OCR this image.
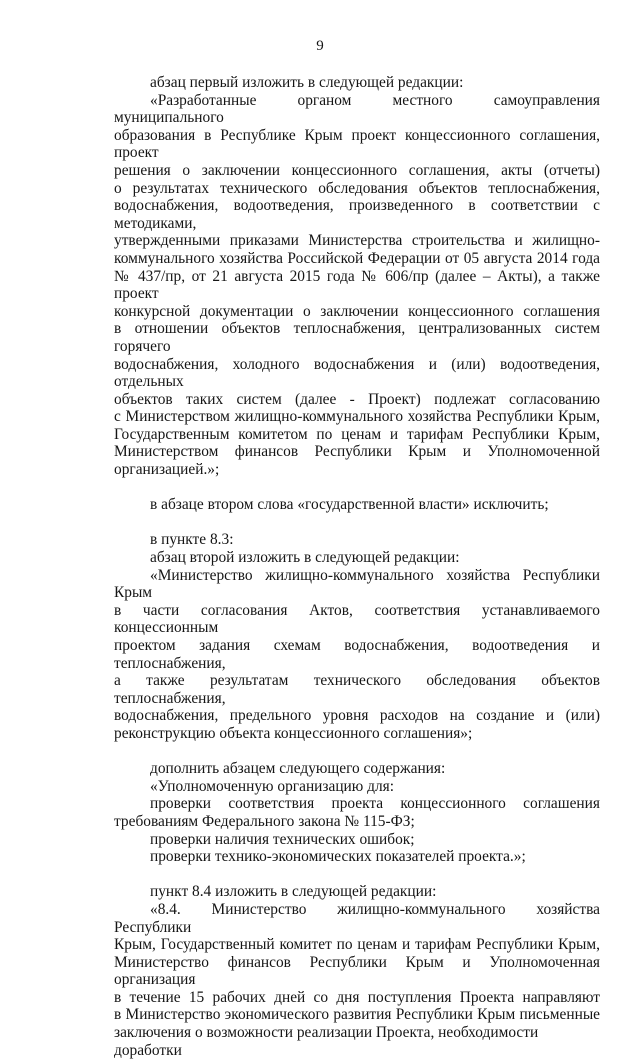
9
абзац первый изложить в следующей редакции:
«Разработанные органом местного самоуправления муниципального
образования в Республике Крым проект концессионного соглашения, проект
решения о заключении концессионного соглашения, акты (отчеты)
о результатах технического обследования объектов теплоснабжения,
водоснабжения, водоотведения, произведенного в соответствии с методиками,
утвержденными приказами Министерства строительства и жилищно-
коммунального хозяйства Российской Федерации от 05 августа 2014 года
№ 437/пр, от 21 августа 2015 года № 606/пр (далее – Акты), а также проект
конкурсной документации о заключении концессионного соглашения
в отношении объектов теплоснабжения, централизованных систем горячего
водоснабжения, холодного водоснабжения и (или) водоотведения, отдельных
объектов таких систем (далее - Проект) подлежат согласованию
с Министерством жилищно-коммунального хозяйства Республики Крым,
Государственным комитетом по ценам и тарифам Республики Крым,
Министерством финансов Республики Крым и Уполномоченной
организацией.»;
в абзаце втором слова «государственной власти» исключить;
в пункте 8.3:
абзац второй изложить в следующей редакции:
«Министерство жилищно-коммунального хозяйства Республики Крым
в части согласования Актов, соответствия устанавливаемого концессионным
проектом задания схемам водоснабжения, водоотведения и теплоснабжения,
а также результатам технического обследования объектов теплоснабжения,
водоснабжения, предельного уровня расходов на создание и (или)
реконструкцию объекта концессионного соглашения»;
дополнить абзацем следующего содержания:
«Уполномоченную организацию для:
проверки соответствия проекта концессионного соглашения
требованиям Федерального закона № 115-ФЗ;
проверки наличия технических ошибок;
проверки технико-экономических показателей проекта.»;
пункт 8.4 изложить в следующей редакции:
«8.4. Министерство жилищно-коммунального хозяйства Республики
Крым, Государственный комитет по ценам и тарифам Республики Крым,
Министерство финансов Республики Крым и Уполномоченная организация
в течение 15 рабочих дней со дня поступления Проекта направляют
в Министерство экономического развития Республики Крым письменные
заключения о возможности реализации Проекта, необходимости доработки
